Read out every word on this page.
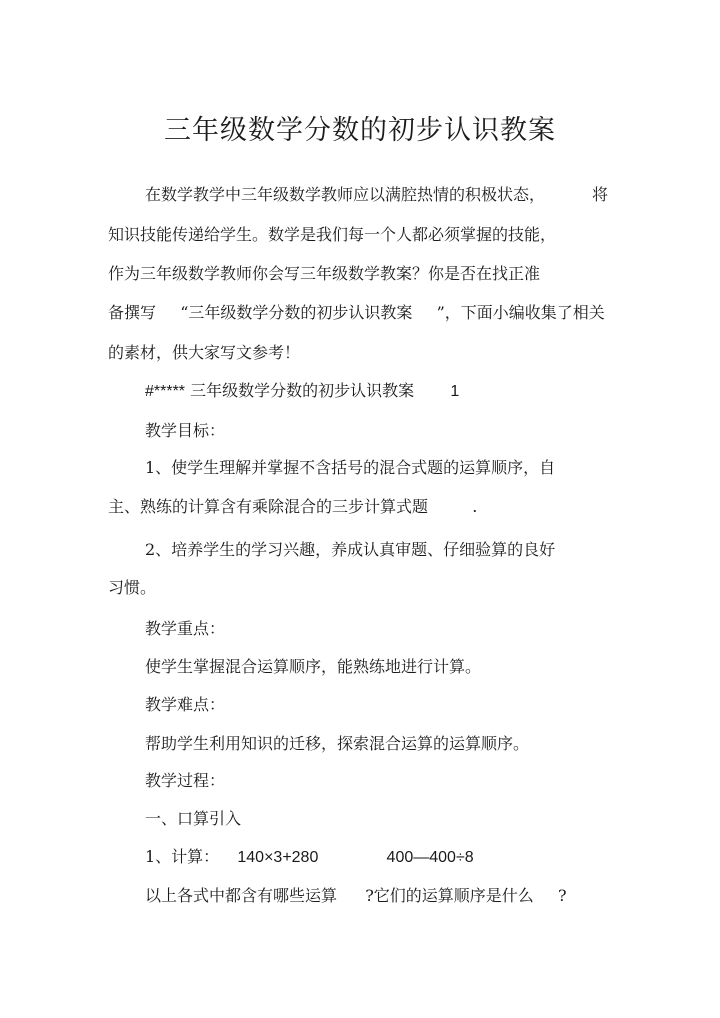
三年级数学分数的初步认识教案

在数学教学中三年级数学教师应以满腔热情的积极状态，	将

知识技能传递给学生。数学是我们每一个人都必须掌握的技能，

作为三年级数学教师你会写三年级数学教案？你是否在找正准

备撰写 “三年级数学分数的初步认识教案 ”，下面小编收集了相关

的素材，供大家写文参考！

#***** 三年级数学分数的初步认识教案 1

教学目标：

1、使学生理解并掌握不含括号的混合式题的运算顺序，自

主、熟练的计算含有乘除混合的三步计算式题	.

2、培养学生的学习兴趣，养成认真审题、仔细验算的良好

习惯。

教学重点：

使学生掌握混合运算顺序，能熟练地进行计算。

教学难点：

帮助学生利用知识的迁移，探索混合运算的运算顺序。

教学过程：

一、口算引入

1、计算： 140×3+280	400—400÷8

以上各式中都含有哪些运算 ?它们的运算顺序是什么 ?
